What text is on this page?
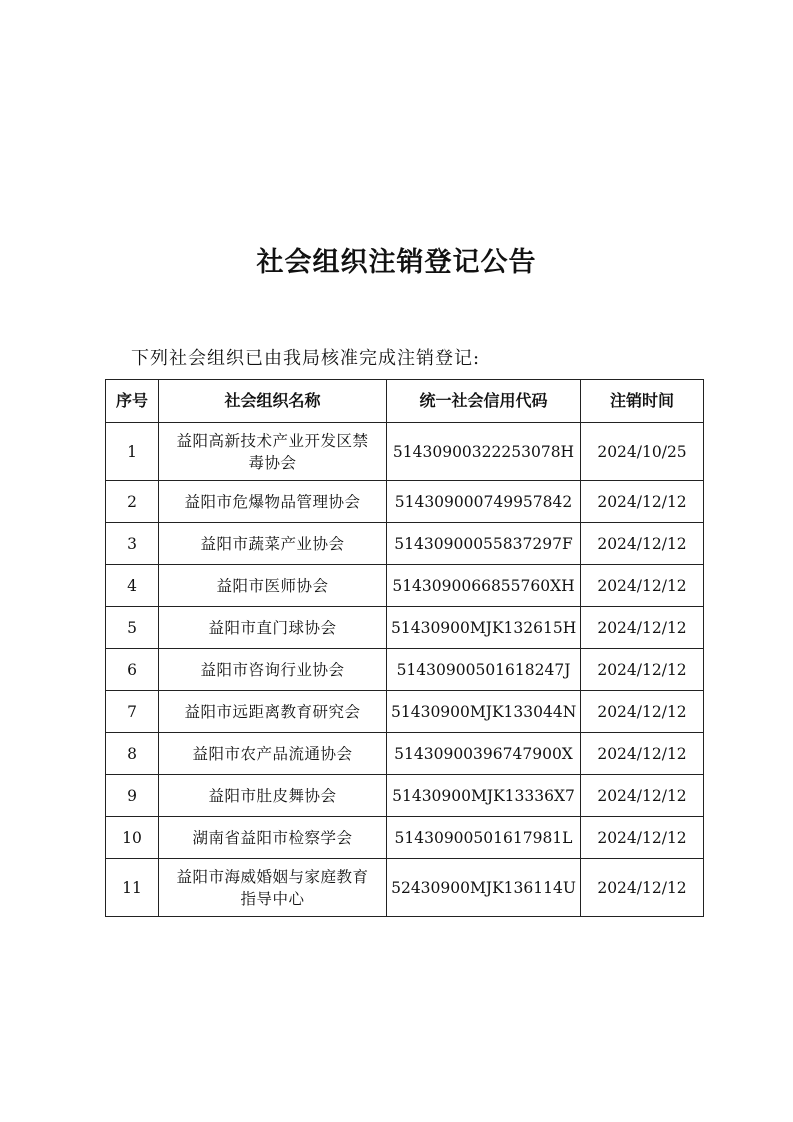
社会组织注销登记公告
下列社会组织已由我局核准完成注销登记:
序号	社会组织名称	统一社会信用代码	注销时间
1	益阳高新技术产业开发区禁毒协会	51430900322253078H	2024/10/25
2	益阳市危爆物品管理协会	514309000749957842	2024/12/12
3	益阳市蔬菜产业协会	51430900055837297F	2024/12/12
4	益阳市医师协会	5143090066855760XH	2024/12/12
5	益阳市直门球协会	51430900MJK132615H	2024/12/12
6	益阳市咨询行业协会	51430900501618247J	2024/12/12
7	益阳市远距离教育研究会	51430900MJK133044N	2024/12/12
8	益阳市农产品流通协会	51430900396747900X	2024/12/12
9	益阳市肚皮舞协会	51430900MJK13336X7	2024/12/12
10	湖南省益阳市检察学会	51430900501617981L	2024/12/12
11	益阳市海威婚姻与家庭教育指导中心	52430900MJK136114U	2024/12/12
